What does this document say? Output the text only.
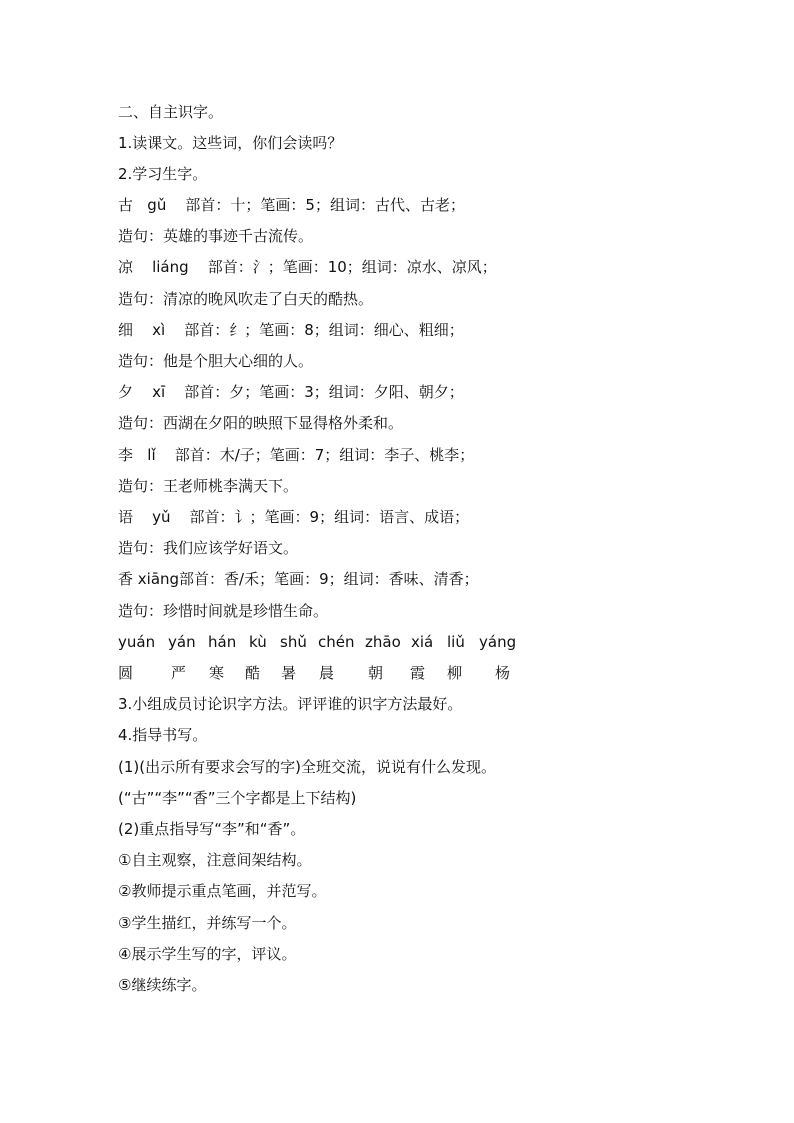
二、自主识字。
1.读课文。这些词，你们会读吗？
2.学习生字。
古   gǔ    部首：十；笔画：5；组词：古代、古老；
造句：英雄的事迹千古流传。
凉    liáng    部首：氵；笔画：10；组词：凉水、凉风；
造句：清凉的晚风吹走了白天的酷热。
细    xì    部首：纟；笔画：8；组词：细心、粗细；
造句：他是个胆大心细的人。
夕    xī    部首：夕；笔画：3；组词：夕阳、朝夕；
造句：西湖在夕阳的映照下显得格外柔和。
李   lǐ    部首：木/子；笔画：7；组词：李子、桃李；
造句：王老师桃李满天下。
语    yǔ    部首：讠；笔画：9；组词：语言、成语；
造句：我们应该学好语文。
香 xiāng部首：香/禾；笔画：9；组词：香味、清香；
造句：珍惜时间就是珍惜生命。
yuán yán hán kù shǔ chén zhāo xiá liǔ yáng
圆	严 寒 酷 暑 晨 朝 霞 柳 杨
3.小组成员讨论识字方法。评评谁的识字方法最好。
4.指导书写。
(1)(出示所有要求会写的字)全班交流，说说有什么发现。
(“古”“李”“香”三个字都是上下结构)
(2)重点指导写“李”和“香”。
①自主观察，注意间架结构。
②教师提示重点笔画，并范写。
③学生描红，并练写一个。
④展示学生写的字，评议。
⑤继续练字。
